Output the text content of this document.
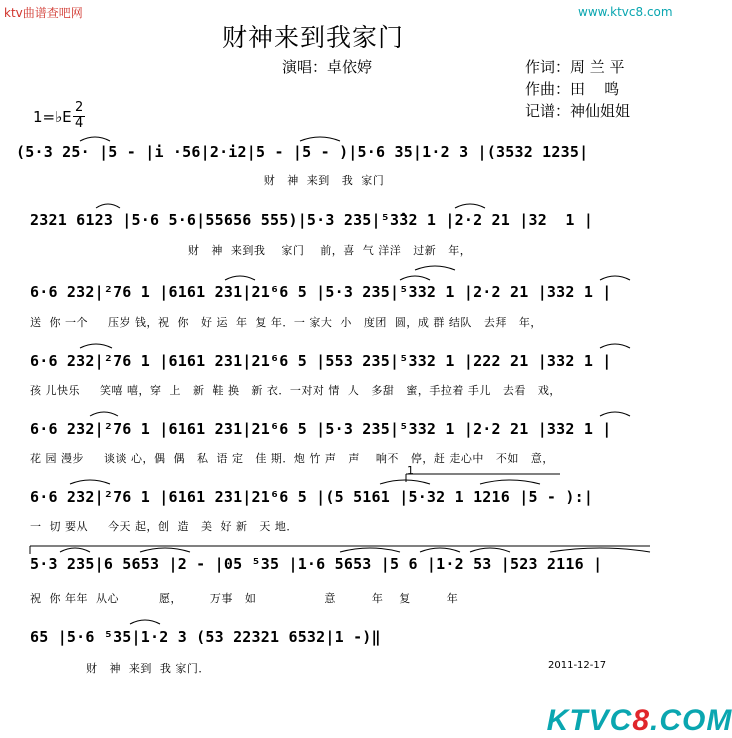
ktv曲谱查吧网	www.ktvc8.com
财神来到我家门
演唱：卓依婷	作词：周 兰 平
作曲：田    鸣
记谱：神仙姐姐
1=♭E
2
4
(5·3 25· |5 - |i ·56|2·i2|5 - |5 - )|5·6 35|1·2 3 |(3532 1235|
财   神  来到   我  家门
2321 6123 |5·6 5·6|55656 555)|5·3 235|⁵3̂32 1 |2·2 21 |32  1 |
财   神  来到我    家门    前，喜  气 洋洋   过新   年，
6·6 232|²76 1 |6161 231|21⁶6 5 |5·3 235|⁵332 1 |2·2 21 |332 1 |
送  你 一个     压岁 钱，祝  你   好 运  年  复 年．一 家大  小   度团  圆，成 群 结队   去拜   年，
6·6 232|²76 1 |6161 231|21⁶6 5 |553 235|⁵332 1 |222 21 |332 1 |
孩 儿快乐     笑嘻 嘻，穿  上   新  鞋 换   新 衣．一对对 情  人   多甜   蜜，手拉着 手儿   去看   戏，
6·6 232|²76 1 |6161 231|21⁶6 5 |5·3 235|⁵332 1 |2·2 21 |332 1 |
花 园 漫步     谈谈 心，偶  偶   私  语 定   佳 期．炮 竹 声   声    响不   停，赶 走心中   不如   意，
6·6 232|²76 1 |6161 231|21⁶6 5 |(5 5161 |5·32 1 1216 |5 - ):|
一  切 要从     今天 起，创  造   美  好 新   天 地．
1
5·3 235|6 5653 |2 - |05 ⁵35 |1·6 5653 |5 6 |1·2 53 |523 2116 |
祝  你 年年  从心          愿，       万事   如                 意         年    复         年
65 |5·6 ⁵35|1·2 3 (53 22321 6532|1 -)‖
财   神  来到  我 家门．	2011-12-17

KTVC8.COM
